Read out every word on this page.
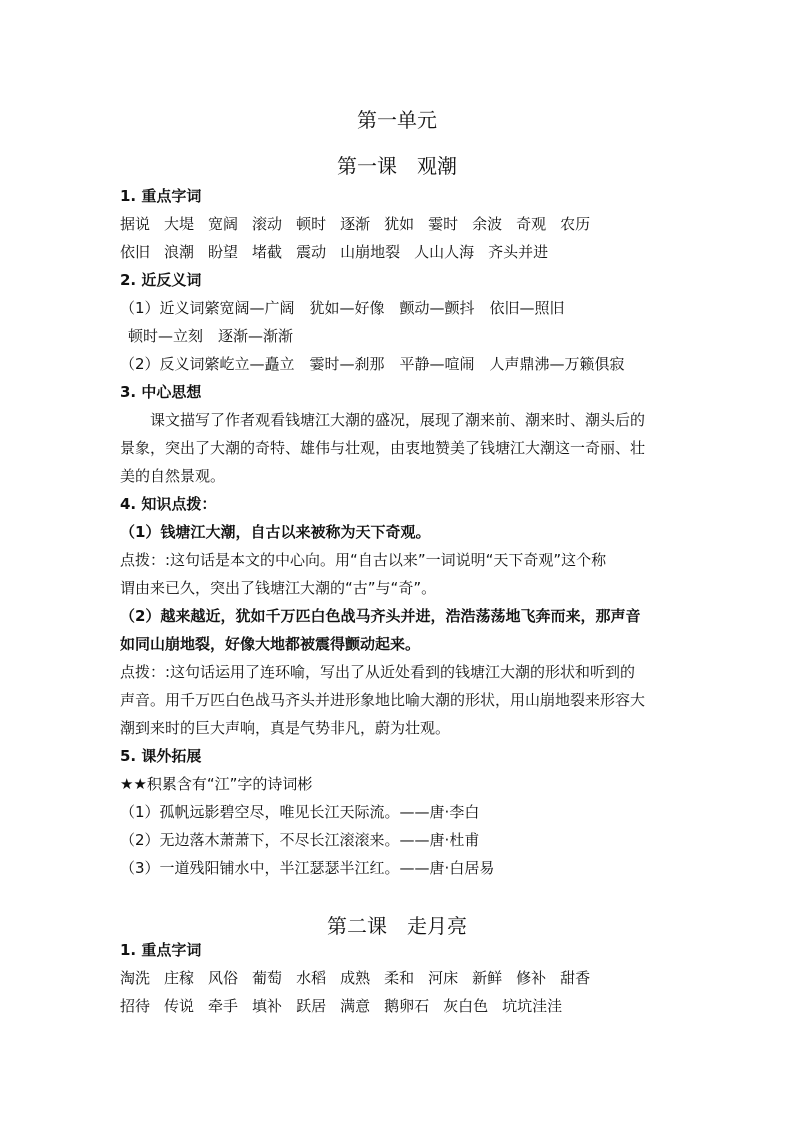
第一单元
第一课　观潮
1. 重点字词
据说 大堤 宽阔 滚动 顿时 逐渐 犹如 霎时 余波 奇观 农历
依旧 浪潮 盼望 堵截 震动 山崩地裂 人山人海 齐头并进
2. 近反义词
（1）近义词綮宽阔—广阔　犹如—好像　颤动—颤抖　依旧—照旧
顿时—立刻　逐渐—渐渐
（2）反义词綮屹立—矗立　霎时—刹那　平静—喧闹　人声鼎沸—万籁俱寂
3. 中心思想
课文描写了作者观看钱塘江大潮的盛况，展现了潮来前、潮来时、潮头后的
景象，突出了大潮的奇特、雄伟与壮观，由衷地赞美了钱塘江大潮这一奇丽、壮
美的自然景观。
4. 知识点拨：
（1）钱塘江大潮，自古以来被称为天下奇观。
点拨：:这句话是本文的中心向。用“自古以来”一词说明“天下奇观”这个称
谓由来已久，突出了钱塘江大潮的“古”与“奇”。
（2）越来越近，犹如千万匹白色战马齐头并进，浩浩荡荡地飞奔而来，那声音
如同山崩地裂，好像大地都被震得颤动起来。
点拨：:这句话运用了连环喻，写出了从近处看到的钱塘江大潮的形状和听到的
声音。用千万匹白色战马齐头并进形象地比喻大潮的形状，用山崩地裂来形容大
潮到来时的巨大声响，真是气势非凡，蔚为壮观。
5. 课外拓展
★★积累含有“江”字的诗词彬
（1）孤帆远影碧空尽，唯见长江天际流。——唐·李白
（2）无边落木萧萧下，不尽长江滚滚来。——唐·杜甫
（3）一道残阳铺水中，半江瑟瑟半江红。——唐·白居易
第二课　走月亮
1. 重点字词
淘洗 庄稼 风俗 葡萄 水稻 成熟 柔和 河床 新鲜 修补 甜香
招待 传说 牵手 填补 跃居 满意 鹅卵石 灰白色 坑坑洼洼
